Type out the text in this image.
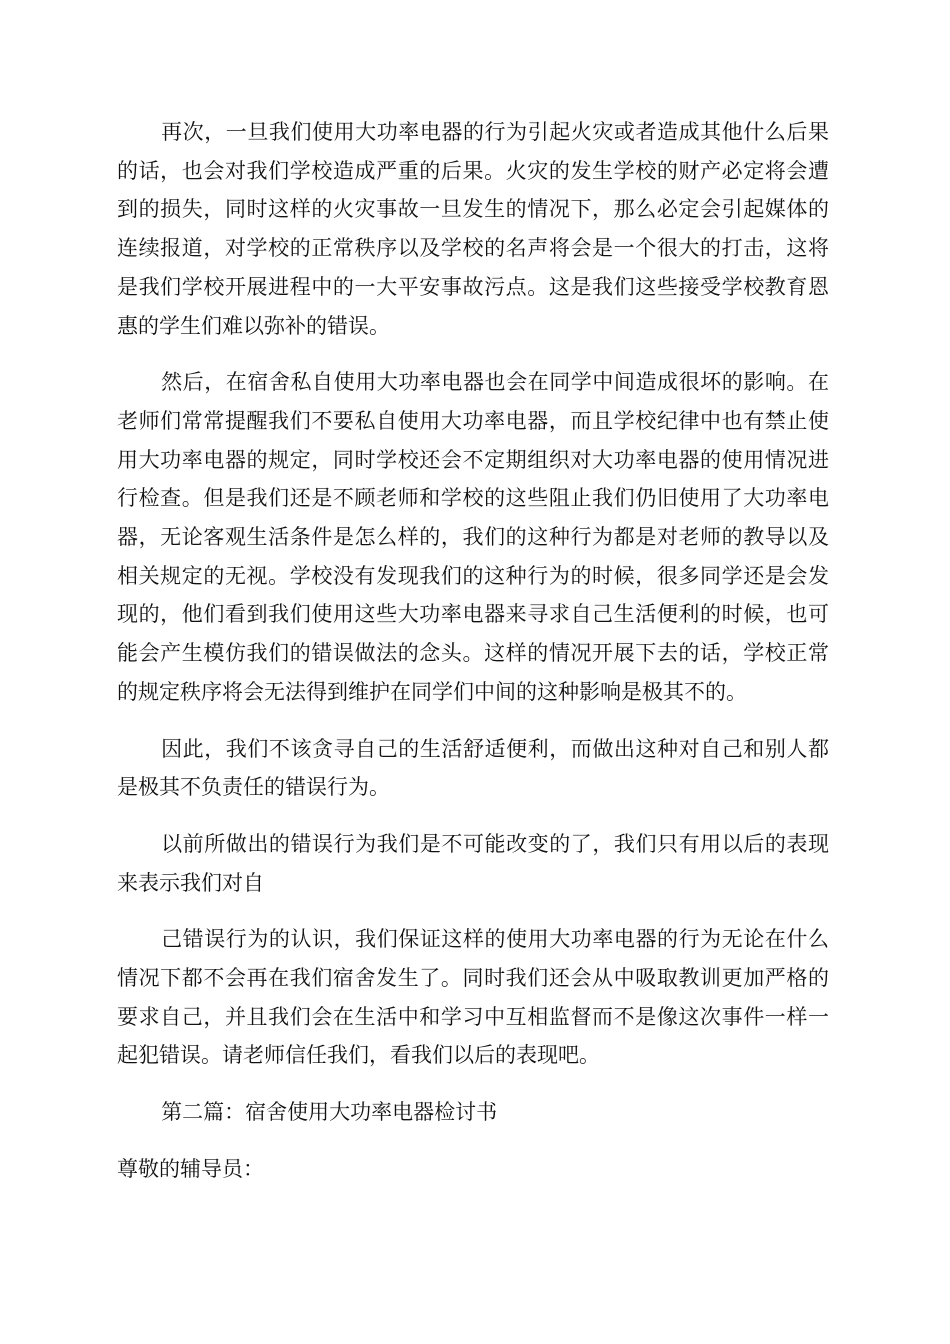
再次，一旦我们使用大功率电器的行为引起火灾或者造成其他什么后果的话，也会对我们学校造成严重的后果。火灾的发生学校的财产必定将会遭到的损失，同时这样的火灾事故一旦发生的情况下，那么必定会引起媒体的连续报道，对学校的正常秩序以及学校的名声将会是一个很大的打击，这将是我们学校开展进程中的一大平安事故污点。这是我们这些接受学校教育恩惠的学生们难以弥补的错误。

然后，在宿舍私自使用大功率电器也会在同学中间造成很坏的影响。在老师们常常提醒我们不要私自使用大功率电器，而且学校纪律中也有禁止使用大功率电器的规定，同时学校还会不定期组织对大功率电器的使用情况进行检查。但是我们还是不顾老师和学校的这些阻止我们仍旧使用了大功率电器，无论客观生活条件是怎么样的，我们的这种行为都是对老师的教导以及相关规定的无视。学校没有发现我们的这种行为的时候，很多同学还是会发现的，他们看到我们使用这些大功率电器来寻求自己生活便利的时候，也可能会产生模仿我们的错误做法的念头。这样的情况开展下去的话，学校正常的规定秩序将会无法得到维护在同学们中间的这种影响是极其不的。

因此，我们不该贪寻自己的生活舒适便利，而做出这种对自己和别人都是极其不负责任的错误行为。

以前所做出的错误行为我们是不可能改变的了，我们只有用以后的表现来表示我们对自

己错误行为的认识，我们保证这样的使用大功率电器的行为无论在什么情况下都不会再在我们宿舍发生了。同时我们还会从中吸取教训更加严格的要求自己，并且我们会在生活中和学习中互相监督而不是像这次事件一样一起犯错误。请老师信任我们，看我们以后的表现吧。

第二篇：宿舍使用大功率电器检讨书

尊敬的辅导员：
